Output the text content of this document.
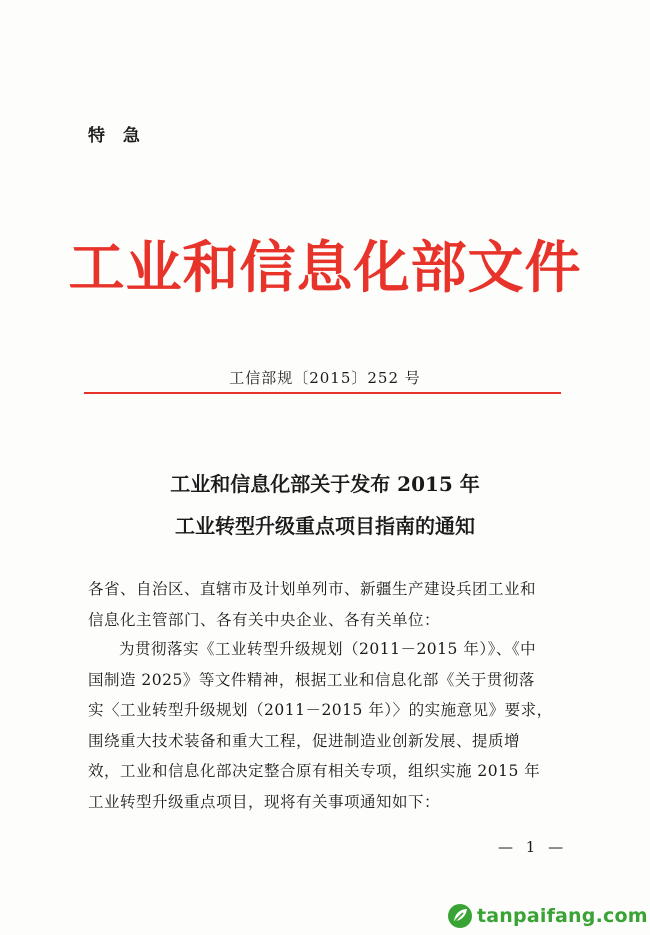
特 急
工业和信息化部文件
工信部规〔2015〕252 号
工业和信息化部关于发布 2015 年
工业转型升级重点项目指南的通知
各省、自治区、直辖市及计划单列市、新疆生产建设兵团工业和
信息化主管部门、各有关中央企业、各有关单位：
为贯彻落实《工业转型升级规划（2011－2015 年）》、《中
国制造 2025》等文件精神，根据工业和信息化部《关于贯彻落
实〈工业转型升级规划（2011－2015 年）〉的实施意见》要求，
围绕重大技术装备和重大工程，促进制造业创新发展、提质增
效，工业和信息化部决定整合原有相关专项，组织实施 2015 年
工业转型升级重点项目，现将有关事项通知如下：
— 1 —
tanpaifang.com
